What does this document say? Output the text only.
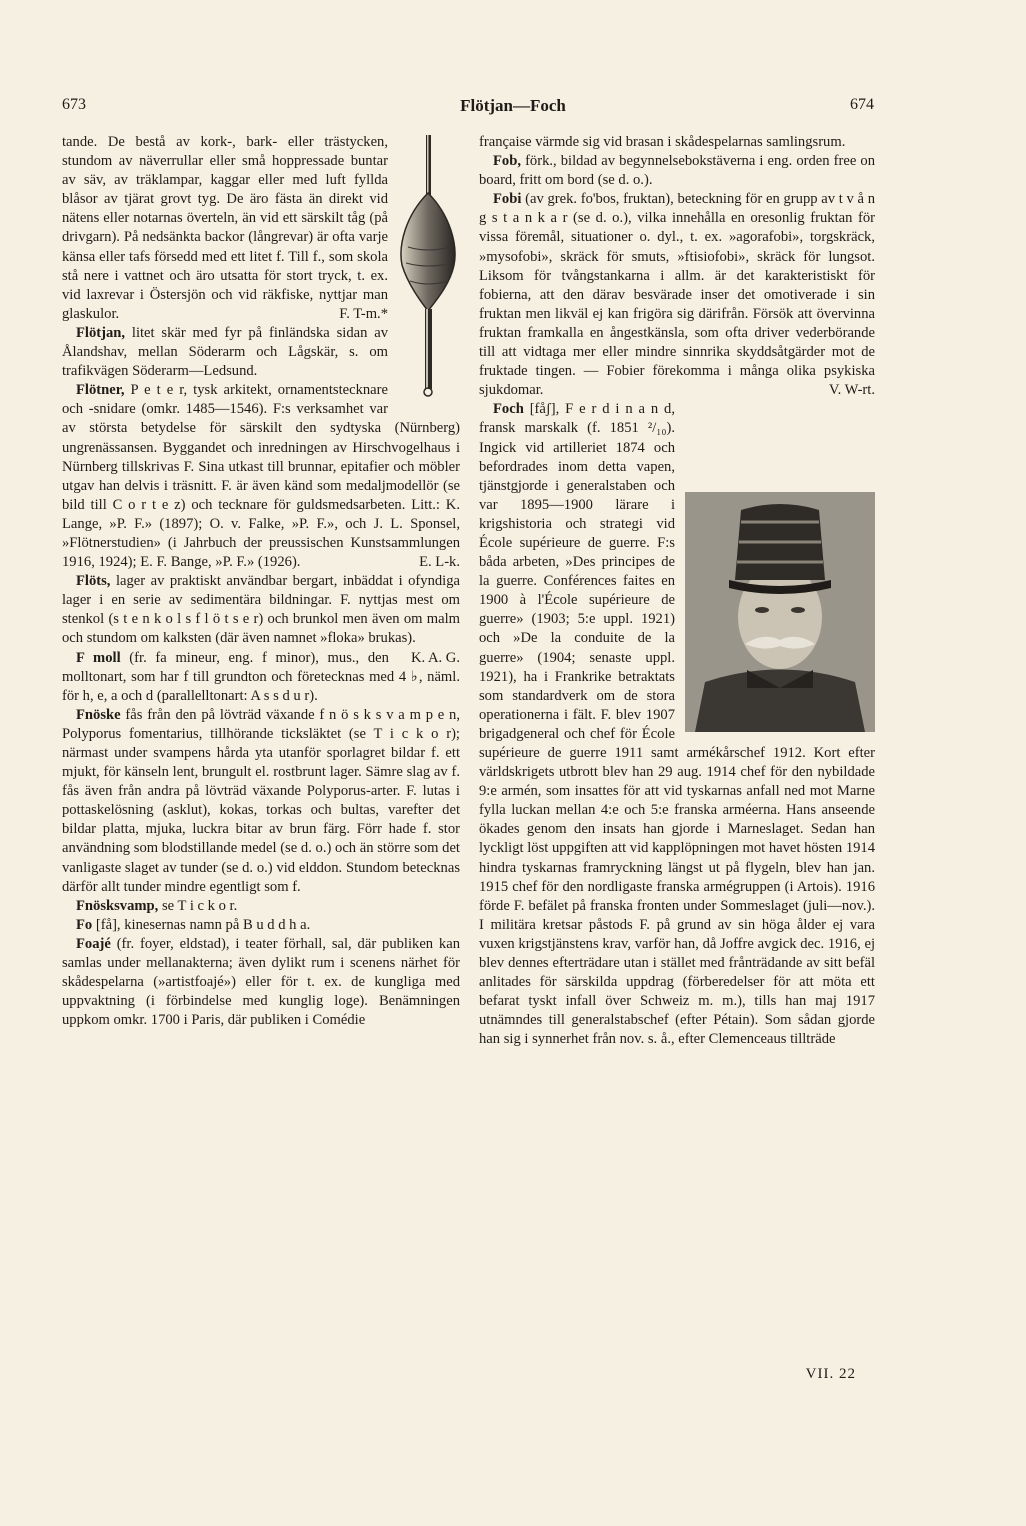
673	Flötjan—Foch	674

tande. De bestå av kork-, bark- eller trästycken, stundom av näverrullar eller små hoppressade buntar av säv, av träklampar, kaggar eller med luft fyllda blåsor av tjärat grovt tyg. De äro fästa än direkt vid nätens eller notarnas överteln, än vid ett särskilt tåg (på drivgarn). På nedsänkta backor (långrevar) är ofta varje känsa eller tafs försedd med ett litet f. Till f., som skola stå nere i vattnet och äro utsatta för stort tryck, t. ex. vid laxrevar i Östersjön och vid räkfiske, nyttjar man glaskulor.	F. T-m.*

Flötjan, litet skär med fyr på finländska sidan av Ålandshav, mellan Söderarm och Lågskär, s. om trafikvägen Söderarm—Ledsund.

Flötner, P e t e r, tysk arkitekt, ornamentstecknare och -snidare (omkr. 1485—1546). F:s verksamhet var av största betydelse för särskilt den sydtyska (Nürnberg) ungrenässansen. Byggandet och inredningen av Hirschvogelhaus i Nürnberg tillskrivas F. Sina utkast till brunnar, epitafier och möbler utgav han delvis i träsnitt. F. är även känd som medaljmodellör (se bild till C o r t e z) och tecknare för guldsmedsarbeten. Litt.: K. Lange, »P. F.» (1897); O. v. Falke, »P. F.», och J. L. Sponsel, »Flötnerstudien» (i Jahrbuch der preussischen Kunstsammlungen 1916, 1924); E. F. Bange, »P. F.» (1926).	E. L-k.

Flöts, lager av praktiskt användbar bergart, inbäddat i ofyndiga lager i en serie av sedimentära bildningar. F. nyttjas mest om stenkol (s t e n k o l s f l ö t s e r) och brunkol men även om malm och stundom om kalksten (där även namnet »floka» brukas).
K. A. G.

F moll (fr. fa mineur, eng. f minor), mus., den molltonart, som har f till grundton och företecknas med 4 ♭, näml. för h, e, a och d (parallelltonart: A s s d u r).

Fnöske fås från den på lövträd växande f n ö s k s v a m p e n, Polyporus fomentarius, tillhörande ticksläktet (se T i c k o r); närmast under svampens hårda yta utanför sporlagret bildar f. ett mjukt, för känseln lent, brungult el. rostbrunt lager. Sämre slag av f. fås även från andra på lövträd växande Polyporus-arter. F. lutas i pottaskelösning (asklut), kokas, torkas och bultas, varefter det bildar platta, mjuka, luckra bitar av brun färg. Förr hade f. stor användning som blodstillande medel (se d. o.) och än större som det vanligaste slaget av tunder (se d. o.) vid elddon. Stundom betecknas därför allt tunder mindre egentligt som f.

Fnösksvamp, se T i c k o r.

Fo [få], kinesernas namn på B u d d h a.

Foajé (fr. foyer, eldstad), i teater förhall, sal, där publiken kan samlas under mellanakterna; även dylikt rum i scenens närhet för skådespelarna (»artistfoajé») eller för t. ex. de kungliga med uppvaktning (i förbindelse med kunglig loge). Benämningen uppkom omkr. 1700 i Paris, där publiken i Comédie

française värmde sig vid brasan i skådespelarnas samlingsrum.

Fob, förk., bildad av begynnelsebokstäverna i eng. orden free on board, fritt om bord (se d. o.).

Fobi (av grek. fo'bos, fruktan), beteckning för en grupp av t v å n g s t a n k a r (se d. o.), vilka innehålla en oresonlig fruktan för vissa föremål, situationer o. dyl., t. ex. »agorafobi», torgskräck, »mysofobi», skräck för smuts, »ftisiofobi», skräck för lungsot. Liksom för tvångstankarna i allm. är det karakteristiskt för fobierna, att den därav besvärade inser det omotiverade i sin fruktan men likväl ej kan frigöra sig därifrån. Försök att övervinna fruktan framkalla en ångestkänsla, som ofta driver vederbörande till att vidtaga mer eller mindre sinnrika skyddsåtgärder mot de fruktade tingen. — Fobier förekomma i många olika psykiska sjukdomar.	V. W-rt.

Foch [fåʃ], F e r d i n a n d, fransk marskalk (f. 1851 ²/₁₀). Ingick vid artilleriet 1874 och befordrades inom detta vapen, tjänstgjorde i generalstaben och var 1895—1900 lärare i krigshistoria och strategi vid École supérieure de guerre. F:s båda arbeten, »Des principes de la guerre. Conférences faites en 1900 à l'École supérieure de guerre» (1903; 5:e uppl. 1921) och »De la conduite de la guerre» (1904; senaste uppl. 1921), ha i Frankrike betraktats som standardverk om de stora operationerna i fält. F. blev 1907 brigadgeneral och chef för École supérieure de guerre 1911 samt armékårschef 1912. Kort efter världskrigets utbrott blev han 29 aug. 1914 chef för den nybildade 9:e armén, som insattes för att vid tyskarnas anfall ned mot Marne fylla luckan mellan 4:e och 5:e franska arméerna. Hans anseende ökades genom den insats han gjorde i Marneslaget. Sedan han lyckligt löst uppgiften att vid kapplöpningen mot havet hösten 1914 hindra tyskarnas framryckning längst ut på flygeln, blev han jan. 1915 chef för den nordligaste franska armégruppen (i Artois). 1916 förde F. befälet på franska fronten under Sommeslaget (juli—nov.). I militära kretsar påstods F. på grund av sin höga ålder ej vara vuxen krigstjänstens krav, varför han, då Joffre avgick dec. 1916, ej blev dennes efterträdare utan i stället med frånträdande av sitt befäl anlitades för särskilda uppdrag (förberedelser för att möta ett befarat tyskt infall över Schweiz m. m.), tills han maj 1917 utnämndes till generalstabschef (efter Pétain). Som sådan gjorde han sig i synnerhet från nov. s. å., efter Clemenceaus tillträde

VII. 22
